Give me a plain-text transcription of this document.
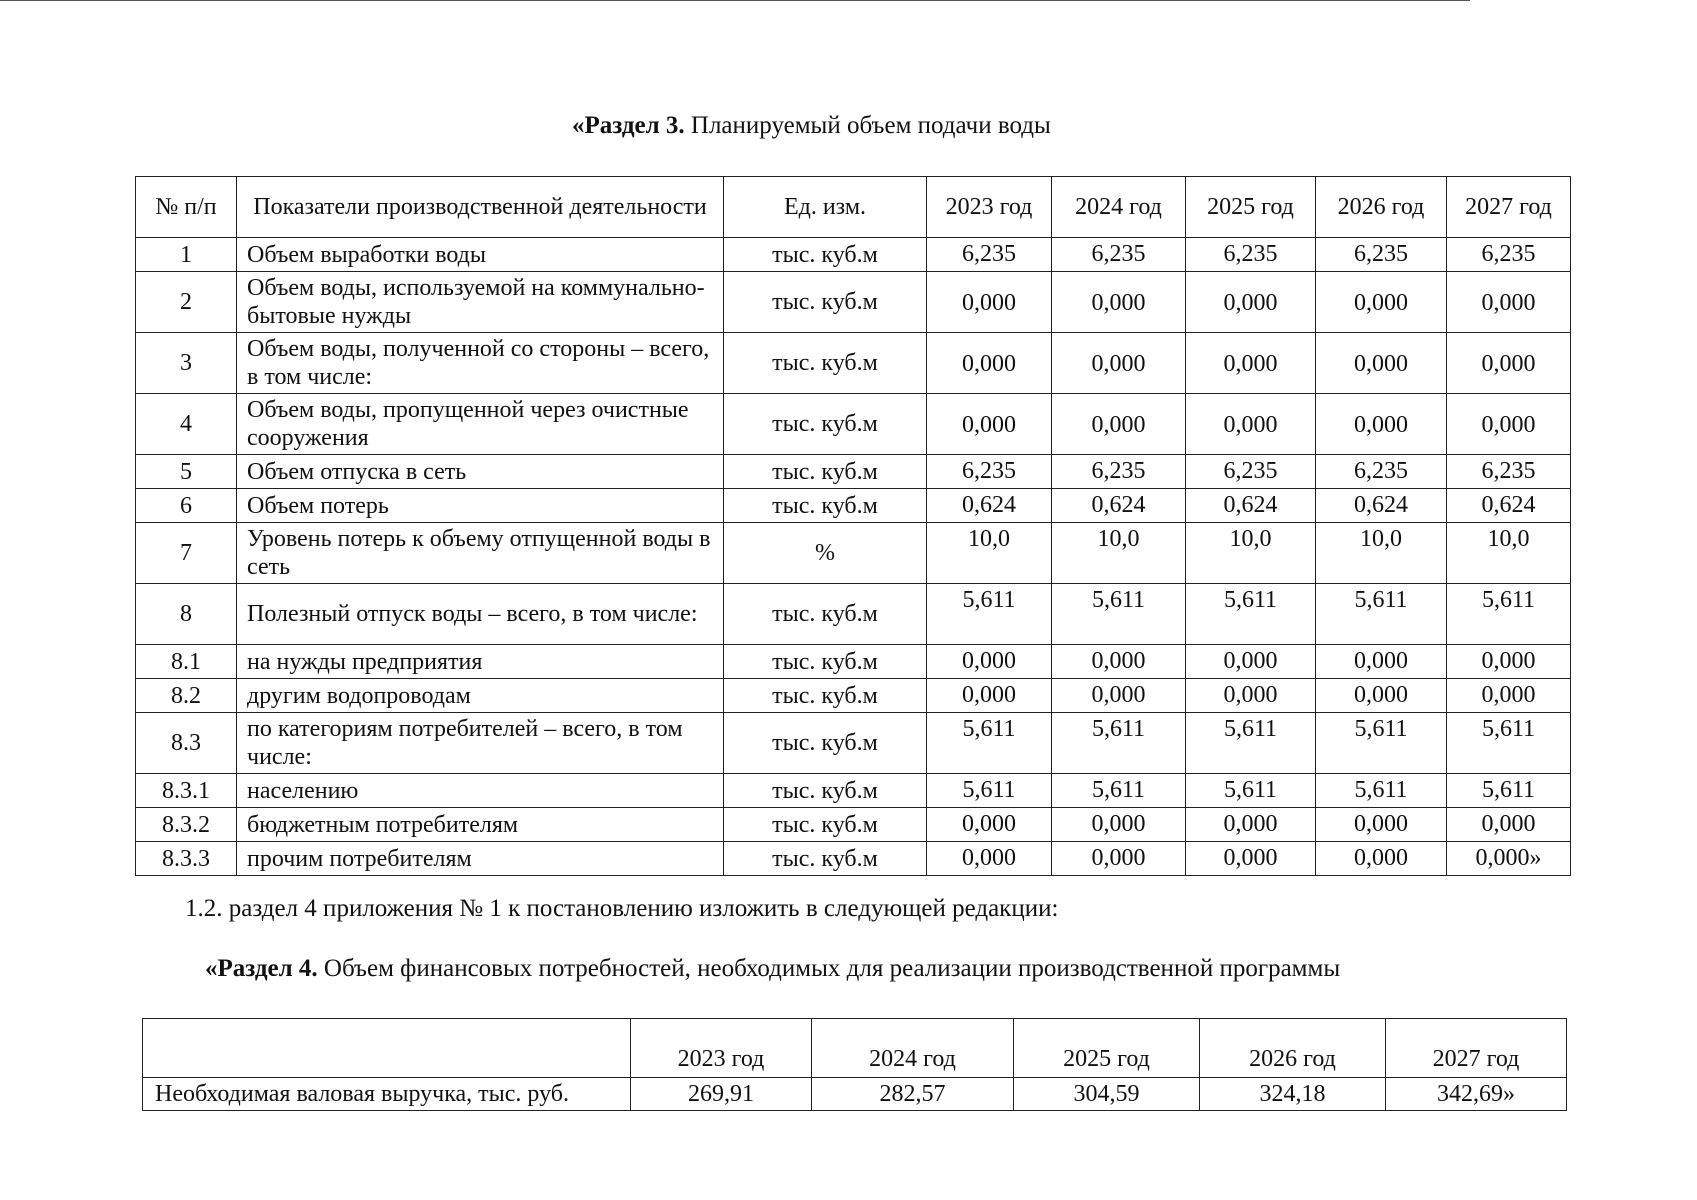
«Раздел 3. Планируемый объем подачи воды
№ п/п	Показатели производственной деятельности	Ед. изм.	2023 год	2024 год	2025 год	2026 год	2027 год
1	Объем выработки воды	тыс. куб.м	6,235	6,235	6,235	6,235	6,235
2	Объем воды, используемой на коммунально-бытовые нужды	тыс. куб.м	0,000	0,000	0,000	0,000	0,000
3	Объем воды, полученной со стороны – всего, в том числе:	тыс. куб.м	0,000	0,000	0,000	0,000	0,000
4	Объем воды, пропущенной через очистные сооружения	тыс. куб.м	0,000	0,000	0,000	0,000	0,000
5	Объем отпуска в сеть	тыс. куб.м	6,235	6,235	6,235	6,235	6,235
6	Объем потерь	тыс. куб.м	0,624	0,624	0,624	0,624	0,624
7	Уровень потерь к объему отпущенной воды в сеть	%	10,0	10,0	10,0	10,0	10,0
8	Полезный отпуск воды – всего, в том числе:	тыс. куб.м	5,611	5,611	5,611	5,611	5,611
8.1	на нужды предприятия	тыс. куб.м	0,000	0,000	0,000	0,000	0,000
8.2	другим водопроводам	тыс. куб.м	0,000	0,000	0,000	0,000	0,000
8.3	по категориям потребителей – всего, в том числе:	тыс. куб.м	5,611	5,611	5,611	5,611	5,611
8.3.1	населению	тыс. куб.м	5,611	5,611	5,611	5,611	5,611
8.3.2	бюджетным потребителям	тыс. куб.м	0,000	0,000	0,000	0,000	0,000
8.3.3	прочим потребителям	тыс. куб.м	0,000	0,000	0,000	0,000	0,000»
1.2. раздел 4 приложения № 1 к постановлению изложить в следующей редакции:
«Раздел 4. Объем финансовых потребностей, необходимых для реализации производственной программы
	2023 год	2024 год	2025 год	2026 год	2027 год
Необходимая валовая выручка, тыс. руб.	269,91	282,57	304,59	324,18	342,69»
